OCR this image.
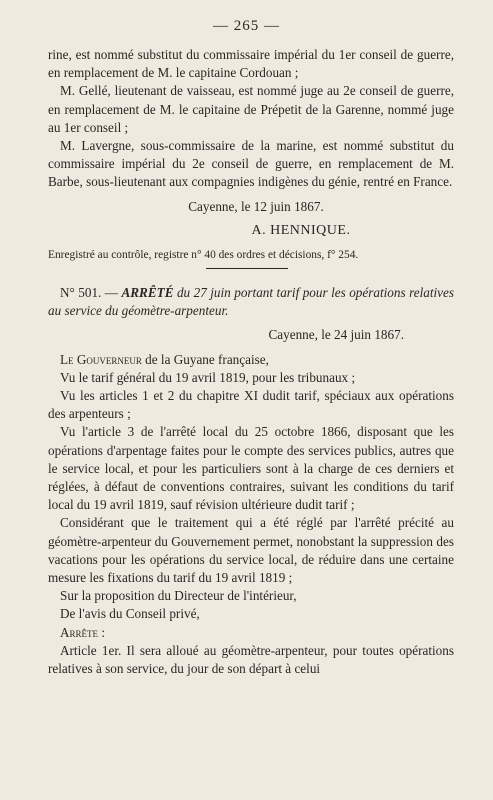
— 265 —

rine, est nommé substitut du commissaire impérial du 1er conseil de guerre, en remplacement de M. le capitaine Cordouan ;

M. Gellé, lieutenant de vaisseau, est nommé juge au 2e conseil de guerre, en remplacement de M. le capitaine de Prépetit de la Garenne, nommé juge au 1er conseil ;

M. Lavergne, sous-commissaire de la marine, est nommé substitut du commissaire impérial du 2e conseil de guerre, en remplacement de M. Barbe, sous-lieutenant aux compagnies indigènes du génie, rentré en France.

Cayenne, le 12 juin 1867.

A. HENNIQUE.

Enregistré au contrôle, registre n° 40 des ordres et décisions, f° 254.

N° 501. — ARRÊTÉ du 27 juin portant tarif pour les opérations relatives au service du géomètre-arpenteur.

Cayenne, le 24 juin 1867.

Le Gouverneur de la Guyane française,

Vu le tarif général du 19 avril 1819, pour les tribunaux ;

Vu les articles 1 et 2 du chapitre XI dudit tarif, spéciaux aux opérations des arpenteurs ;

Vu l'article 3 de l'arrêté local du 25 octobre 1866, disposant que les opérations d'arpentage faites pour le compte des services publics, autres que le service local, et pour les particuliers sont à la charge de ces derniers et réglées, à défaut de conventions contraires, suivant les conditions du tarif local du 19 avril 1819, sauf révision ultérieure dudit tarif ;

Considérant que le traitement qui a été réglé par l'arrêté précité au géomètre-arpenteur du Gouvernement permet, nonobstant la suppression des vacations pour les opérations du service local, de réduire dans une certaine mesure les fixations du tarif du 19 avril 1819 ;

Sur la proposition du Directeur de l'intérieur,

De l'avis du Conseil privé,

Arrête :

Article 1er. Il sera alloué au géomètre-arpenteur, pour toutes opérations relatives à son service, du jour de son départ à celui
